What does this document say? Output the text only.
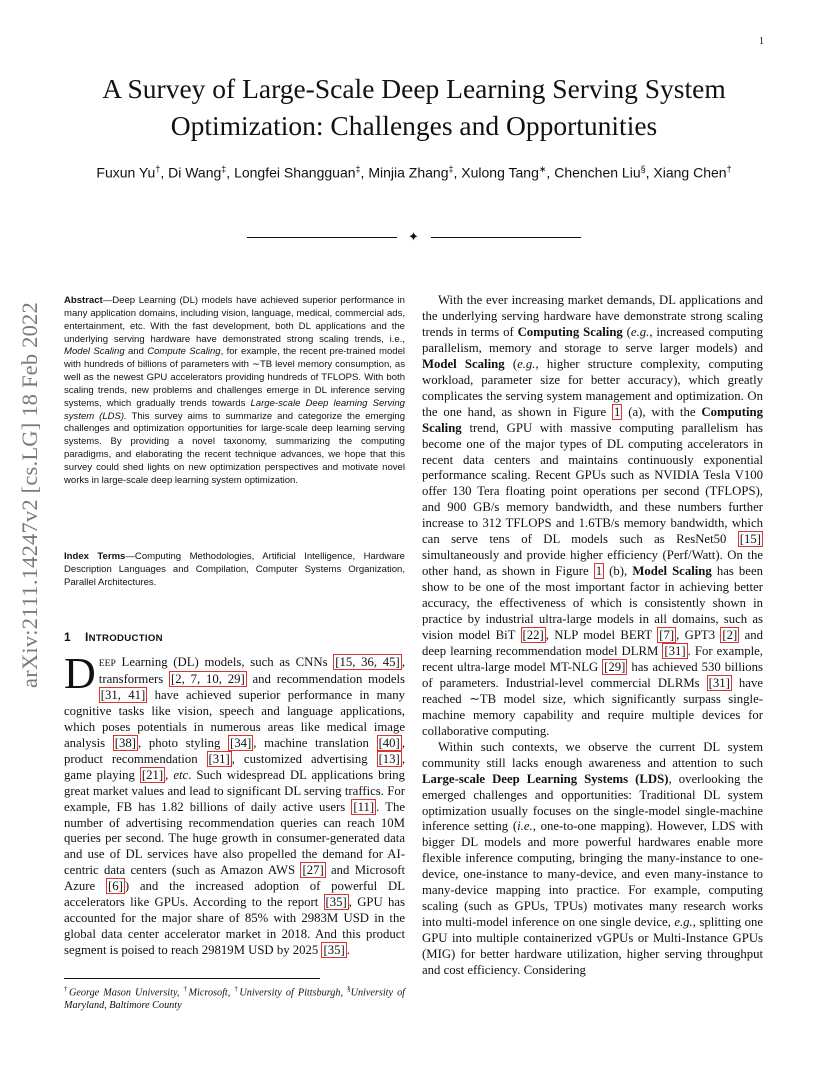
1
arXiv:2111.14247v2 [cs.LG] 18 Feb 2022
A Survey of Large-Scale Deep Learning Serving System
Optimization: Challenges and Opportunities
Fuxun Yu†, Di Wang‡, Longfei Shangguan‡, Minjia Zhang‡, Xulong Tang∗, Chenchen Liu§, Xiang Chen†
✦
Abstract—Deep Learning (DL) models have achieved superior performance in many application domains, including vision, language, medical, commercial ads, entertainment, etc. With the fast development, both DL applications and the underlying serving hardware have demonstrated strong scaling trends, i.e., Model Scaling and Compute Scaling, for example, the recent pre-trained model with hundreds of billions of parameters with ∼TB level memory consumption, as well as the newest GPU accelerators providing hundreds of TFLOPS. With both scaling trends, new problems and challenges emerge in DL inference serving systems, which gradually trends towards Large-scale Deep learning Serving system (LDS). This survey aims to summarize and categorize the emerging challenges and optimization opportunities for large-scale deep learning serving systems. By providing a novel taxonomy, summarizing the computing paradigms, and elaborating the recent technique advances, we hope that this survey could shed lights on new optimization perspectives and motivate novel works in large-scale deep learning system optimization.
Index Terms—Computing Methodologies, Artificial Intelligence, Hardware Description Languages and Compilation, Computer Systems Organization, Parallel Architectures.
1 INTRODUCTION

DEEP Learning (DL) models, such as CNNs [15, 36, 45] , transformers [2, 7, 10, 29] and recommendation models [31, 41] have achieved superior performance in many cognitive tasks like vision, speech and language applications, which poses potentials in numerous areas like medical image analysis [38] , photo styling [34] , machine translation [40] , product recommendation [31] , customized advertising [13] , game playing [21] , etc. Such widespread DL applications bring great market values and lead to significant DL serving traffics. For example, FB has 1.82 billions of daily active users [11] . The number of advertising recommendation queries can reach 10M queries per second. The huge growth in consumer-generated data and use of DL services have also propelled the demand for AI-centric data centers (such as Amazon AWS [27] and Microsoft Azure [6] ) and the increased adoption of powerful DL accelerators like GPUs. According to the report [35] , GPU has accounted for the major share of 85% with 2983M USD in the global data center accelerator market in 2018. And this product segment is poised to reach 29819M USD by 2025 [35] .

†George Mason University, †Microsoft, †University of Pittsburgh, §University of Maryland, Baltimore County

With the ever increasing market demands, DL applications and the underlying serving hardware have demonstrate strong scaling trends in terms of Computing Scaling (e.g., increased computing parallelism, memory and storage to serve larger models) and Model Scaling (e.g., higher structure complexity, computing workload, parameter size for better accuracy), which greatly complicates the serving system management and optimization. On the one hand, as shown in Figure 1 (a), with the Computing Scaling trend, GPU with massive computing parallelism has become one of the major types of DL computing accelerators in recent data centers and maintains continuously exponential performance scaling. Recent GPUs such as NVIDIA Tesla V100 offer 130 Tera floating point operations per second (TFLOPS), and 900 GB/s memory bandwidth, and these numbers further increase to 312 TFLOPS and 1.6TB/s memory bandwidth, which can serve tens of DL models such as ResNet50 [15] simultaneously and provide higher efficiency (Perf/Watt). On the other hand, as shown in Figure 1 (b), Model Scaling has been show to be one of the most important factor in achieving better accuracy, the effectiveness of which is consistently shown in practice by industrial ultra-large models in all domains, such as vision model BiT [22] , NLP model BERT [7] , GPT3 [2] and deep learning recommendation model DLRM [31] . For example, recent ultra-large model MT-NLG [29] has achieved 530 billions of parameters. Industrial-level commercial DLRMs [31] have reached ∼TB model size, which significantly surpass single-machine memory capability and require multiple devices for collaborative computing.

Within such contexts, we observe the current DL system community still lacks enough awareness and attention to such Large-scale Deep Learning Systems (LDS), overlooking the emerged challenges and opportunities: Traditional DL system optimization usually focuses on the single-model single-machine inference setting (i.e., one-to-one mapping). However, LDS with bigger DL models and more powerful hardwares enable more flexible inference computing, bringing the many-instance to one-device, one-instance to many-device, and even many-instance to many-device mapping into practice. For example, computing scaling (such as GPUs, TPUs) motivates many research works into multi-model inference on one single device, e.g., splitting one GPU into multiple containerized vGPUs or Multi-Instance GPUs (MIG) for better hardware utilization, higher serving throughput and cost efficiency. Considering
